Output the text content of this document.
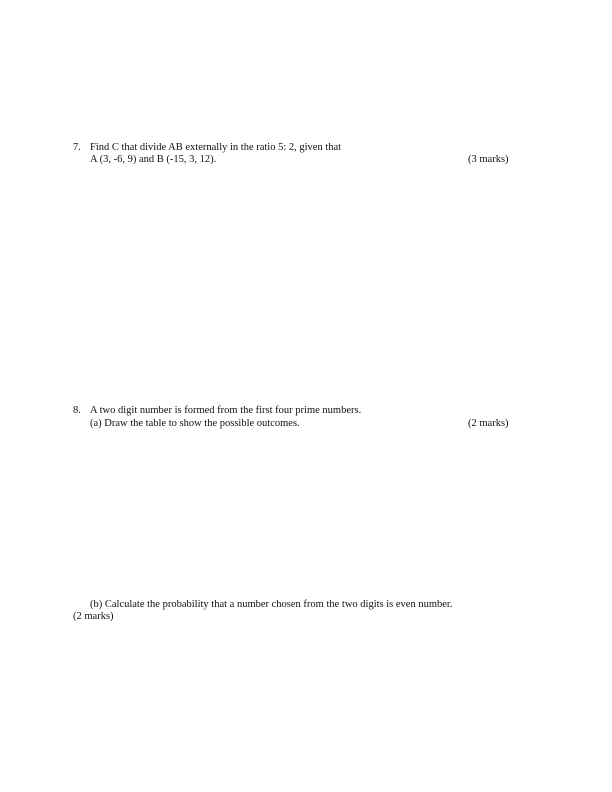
7. Find C that divide AB externally in the ratio 5: 2, given that
A (3, -6, 9) and B (-15, 3, 12).	(3 marks)
8. A two digit number is formed from the first four prime numbers.
(a) Draw the table to show the possible outcomes.	(2 marks)
(b) Calculate the probability that a number chosen from the two digits is even number.
(2 marks)
